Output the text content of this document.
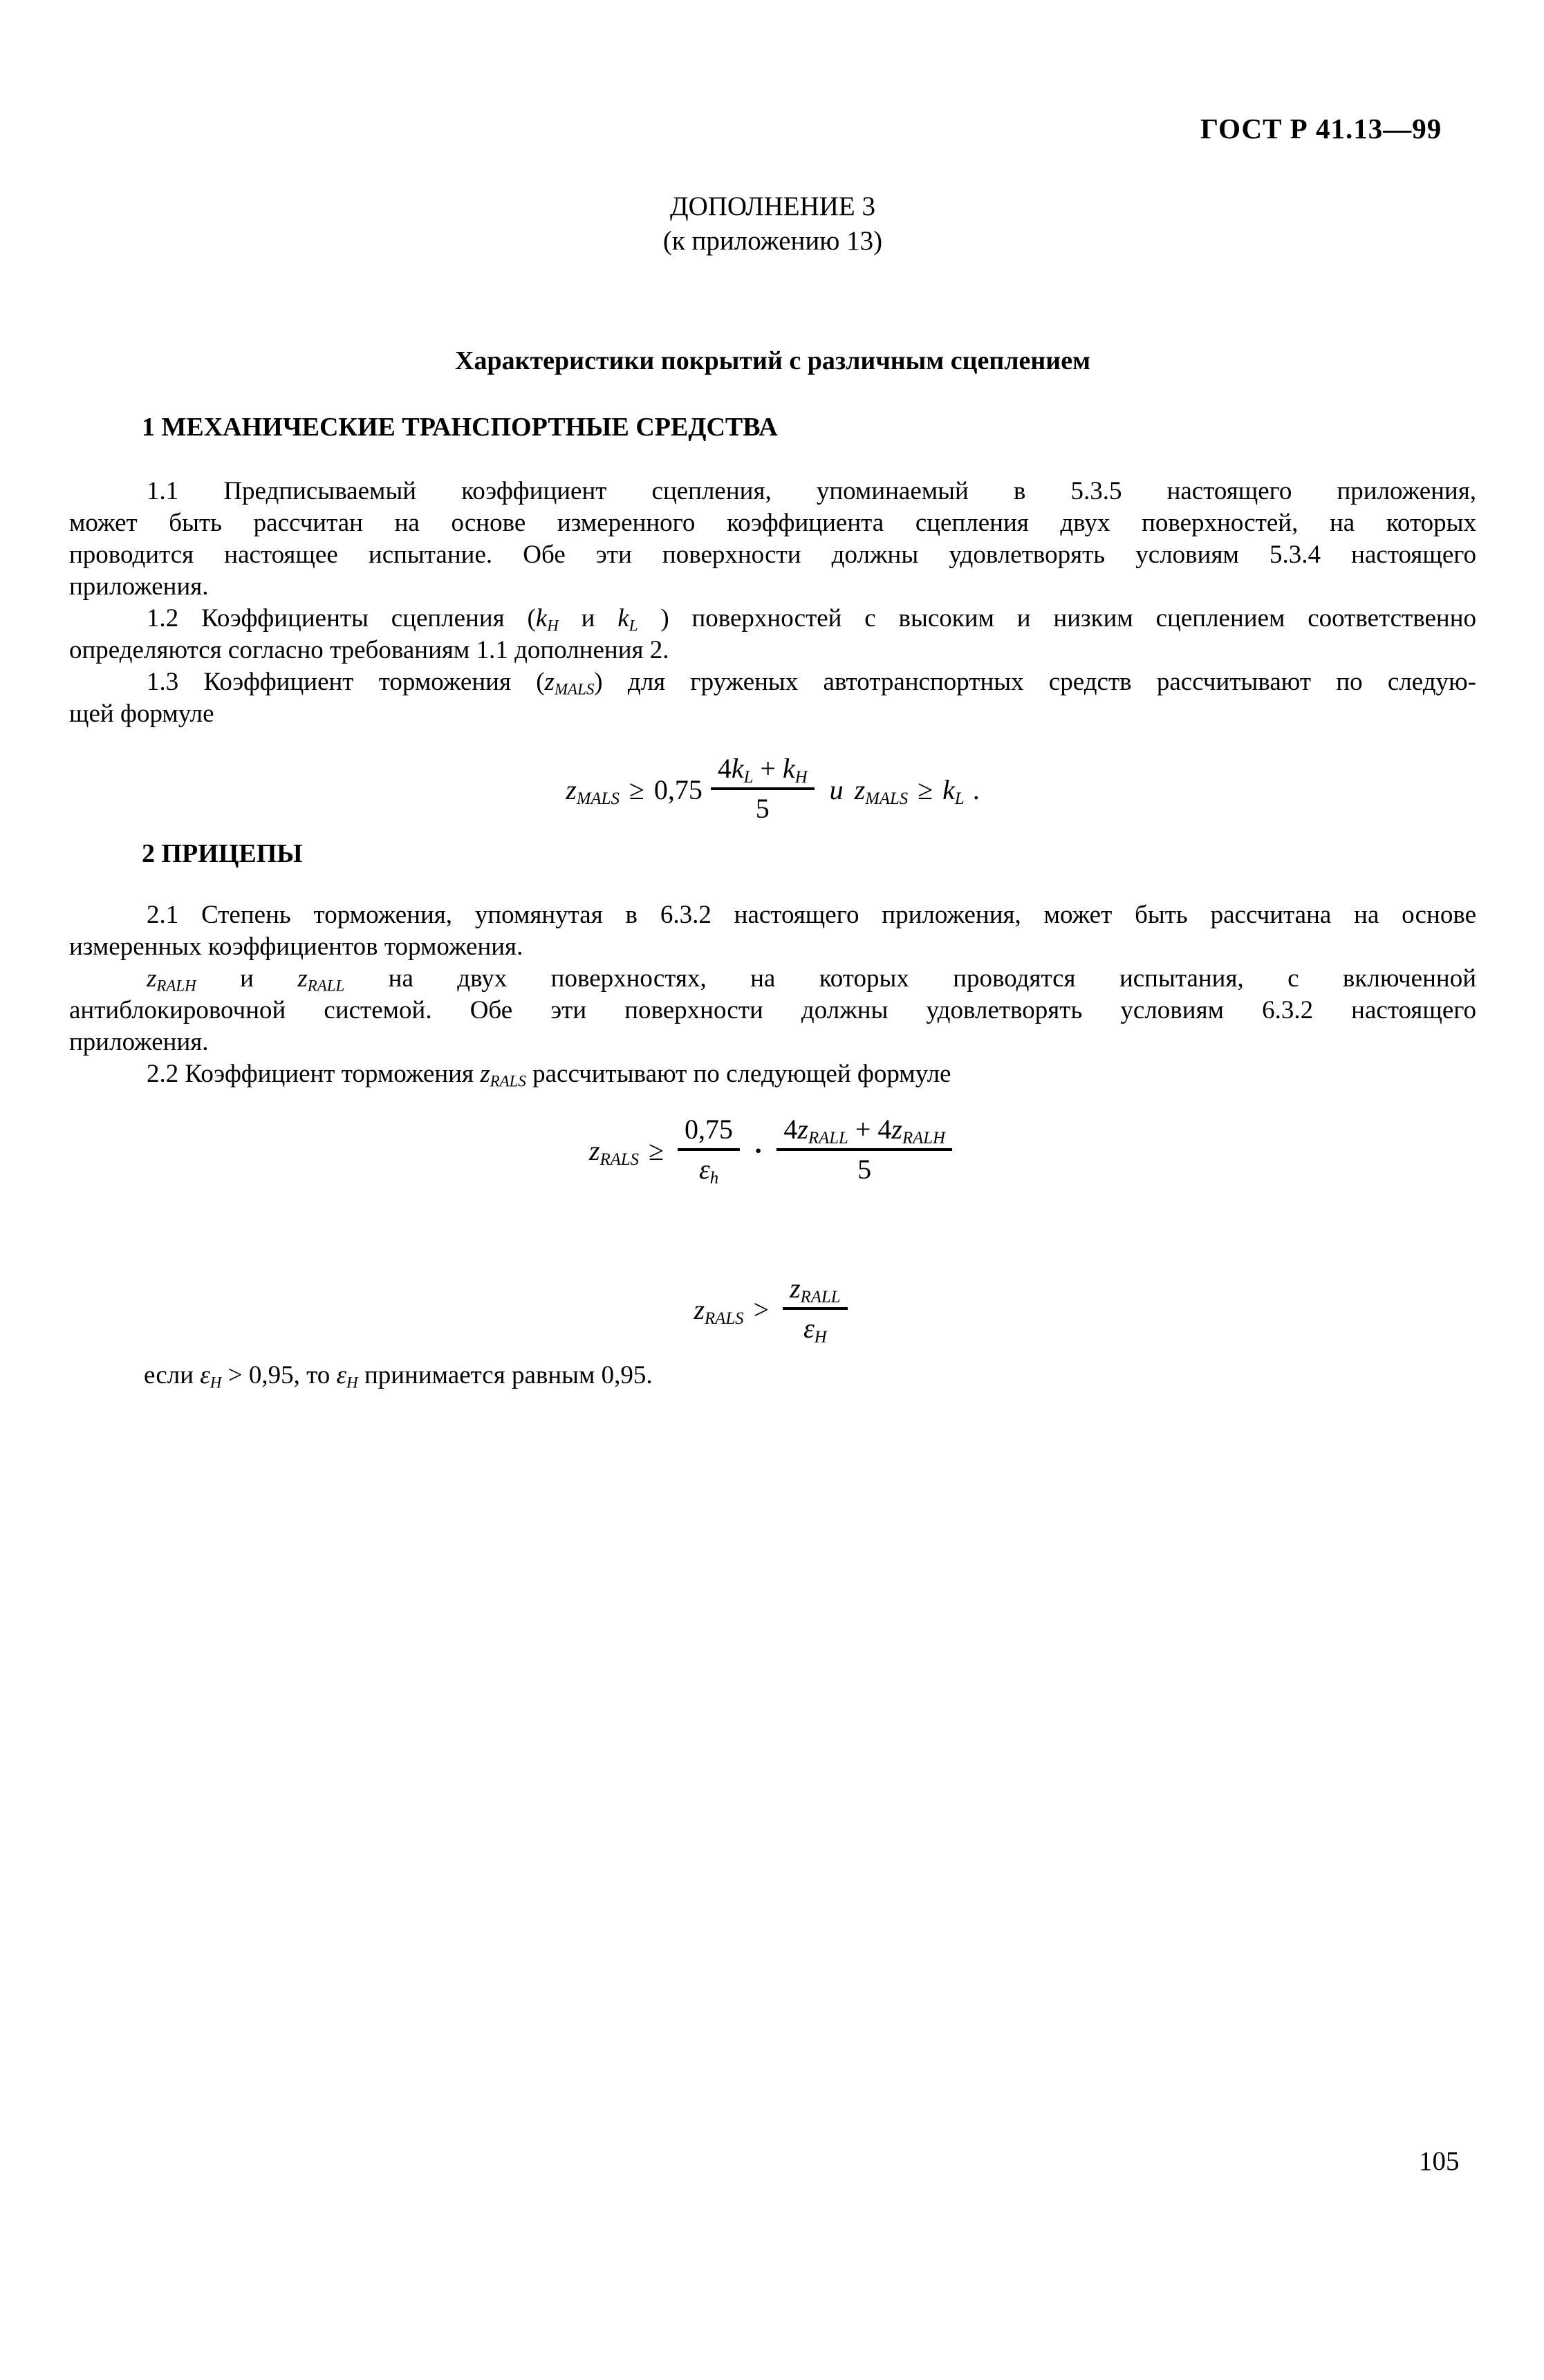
ГОСТ Р 41.13—99
ДОПОЛНЕНИЕ 3
(к приложению 13)
Характеристики покрытий с различным сцеплением
1 МЕХАНИЧЕСКИЕ ТРАНСПОРТНЫЕ СРЕДСТВА
1.1 Предписываемый коэффициент сцепления, упоминаемый в 5.3.5 настоящего приложения,
может быть рассчитан на основе измеренного коэффициента сцепления двух поверхностей, на которых
проводится настоящее испытание. Обе эти поверхности должны удовлетворять условиям 5.3.4 настоящего
приложения.
1.2 Коэффициенты сцепления ($k_H$ и $k_L$ ) поверхностей с высоким и низким сцеплением соответственно
определяются согласно требованиям 1.1 дополнения 2.
1.3 Коэффициент торможения $(z_{MALS})$ для груженых автотранспортных средств рассчитывают по следую-
щей формуле
$z_{MALS} \ge 0,75 \frac{4k_L + k_H}{5}$ и $z_{MALS} \ge k_L$ .
2 ПРИЦЕПЫ
2.1 Степень торможения, упомянутая в 6.3.2 настоящего приложения, может быть рассчитана на основе
измеренных коэффициентов торможения.
$z_{RALH}$ и $z_{RALL}$ на двух поверхностях, на которых проводятся испытания, с включенной
антиблокировочной системой. Обе эти поверхности должны удовлетворять условиям 6.3.2 настоящего
приложения.
2.2 Коэффициент торможения $z_{RALS}$ рассчитывают по следующей формуле
$z_{RALS} \ge \frac{0,75}{\varepsilon_h} \cdot \frac{4z_{RALL} + 4z_{RALH}}{5}$
$z_{RALS} > \frac{z_{RALL}}{\varepsilon_H}$
если $\varepsilon_H > 0,95$, то $\varepsilon_H$ принимается равным 0,95.
105
